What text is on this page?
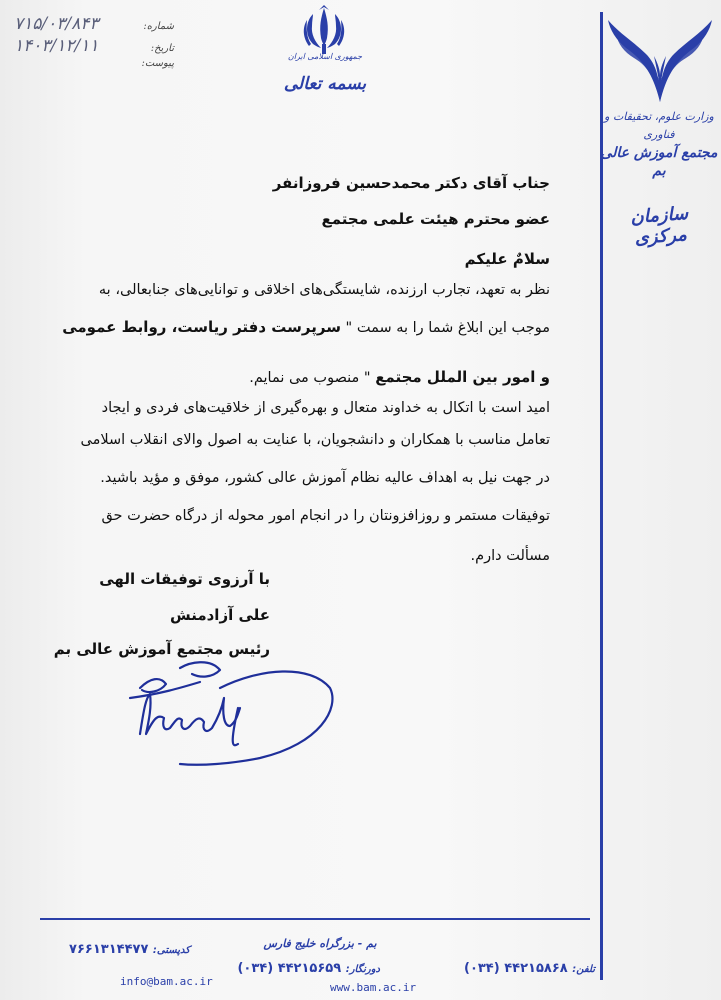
شماره:
۷۱۵/۰۳/۸۴۳
تاریخ:
۱۴۰۳/۱۲/۱۱
پیوست:
جمهوری اسلامی ایران
بسمه تعالی
وزارت علوم، تحقیقات و فناوری
مجتمع آموزش عالی بم
سازمان مرکزی
جناب آقای دکتر محمدحسین فروزانفر
عضو محترم هیئت علمی مجتمع
سلامٌ علیکم
نظر به تعهد، تجارب ارزنده، شایستگی‌های اخلاقی و توانایی‌های جنابعالی، به
موجب این ابلاغ شما را به سمت " سرپرست دفتر ریاست، روابط عمومی
و امور بین الملل مجتمع " منصوب می نمایم.
امید است با اتکال به خداوند متعال و بهره‌گیری از خلاقیت‌های فردی و ایجاد
تعامل مناسب با همکاران و دانشجویان، با عنایت به اصول والای انقلاب اسلامی
در جهت نیل به اهداف عالیه نظام آموزش عالی کشور، موفق و مؤید باشید.
توفیقات مستمر و روزافزونتان را در انجام امور محوله از درگاه حضرت حق
مسألت دارم.
با آرزوی توفیقات الهی
علی آزادمنش
رئیس مجتمع آموزش عالی بم
بم - بزرگراه خلیج فارس
تلفن: ۴۴۲۱۵۸۶۸ (۰۳۴)
دورنگار: ۴۴۲۱۵۶۵۹ (۰۳۴)
کدپستی: ۷۶۶۱۳۱۴۴۷۷
info@bam.ac.ir	www.bam.ac.ir
